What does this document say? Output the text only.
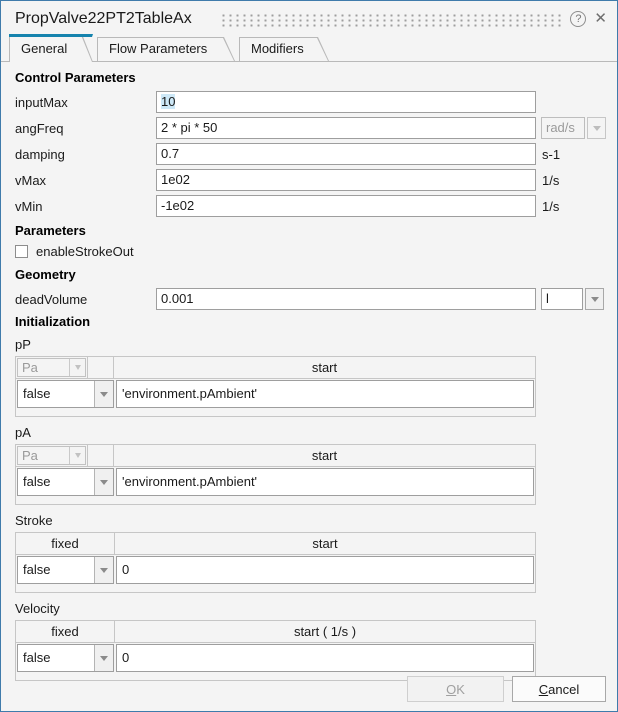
PropValve22PT2TableAx	? ✕
General	Flow Parameters	Modifiers
Control Parameters
inputMax	10
angFreq	2 * pi * 50	rad/s
damping	0.7	s-1
vMax	1e02	1/s
vMin	-1e02	1/s
Parameters
enableStrokeOut
Geometry
deadVolume	0.001	l
Initialization
pP
Pa	start
false	'environment.pAmbient'
pA
Pa	start
false	'environment.pAmbient'
Stroke
fixed	start
false	0
Velocity
fixed	start ( 1/s )
false	0
O K	C ancel
